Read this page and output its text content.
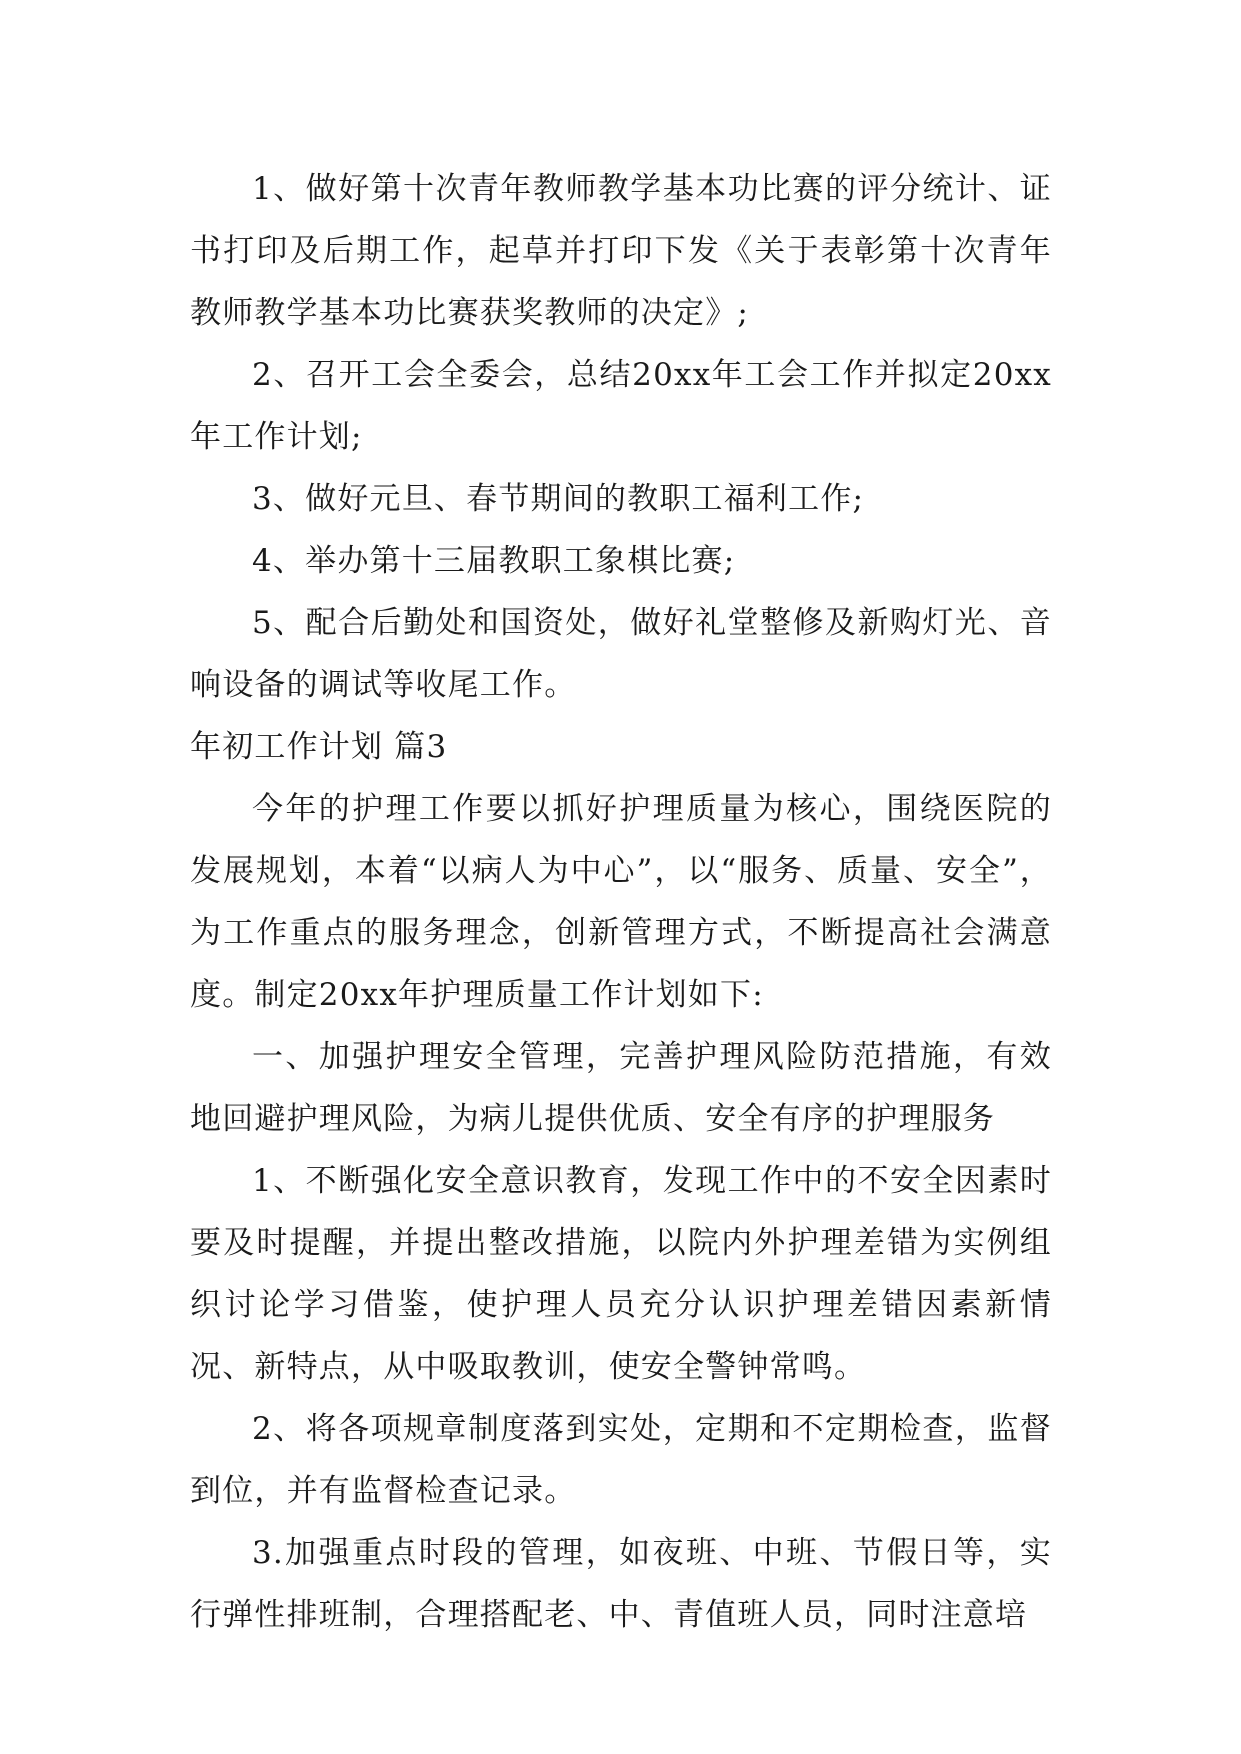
1、做好第十次青年教师教学基本功比赛的评分统计、证书打印及后期工作，起草并打印下发《关于表彰第十次青年教师教学基本功比赛获奖教师的决定》;

2、召开工会全委会，总结20xx年工会工作并拟定20xx年工作计划;

3、做好元旦、春节期间的教职工福利工作;

4、举办第十三届教职工象棋比赛;

5、配合后勤处和国资处，做好礼堂整修及新购灯光、音响设备的调试等收尾工作。

年初工作计划 篇3

今年的护理工作要以抓好护理质量为核心，围绕医院的发展规划，本着“以病人为中心”，以“服务、质量、安全”，为工作重点的服务理念，创新管理方式，不断提高社会满意度。制定20xx年护理质量工作计划如下:

一、加强护理安全管理，完善护理风险防范措施，有效地回避护理风险，为病儿提供优质、安全有序的护理服务

1、不断强化安全意识教育，发现工作中的不安全因素时要及时提醒，并提出整改措施，以院内外护理差错为实例组织讨论学习借鉴，使护理人员充分认识护理差错因素新情况、新特点，从中吸取教训，使安全警钟常鸣。

2、将各项规章制度落到实处，定期和不定期检查，监督到位，并有监督检查记录。

3.加强重点时段的管理，如夜班、中班、节假日等，实行弹性排班制，合理搭配老、中、青值班人员，同时注意培
